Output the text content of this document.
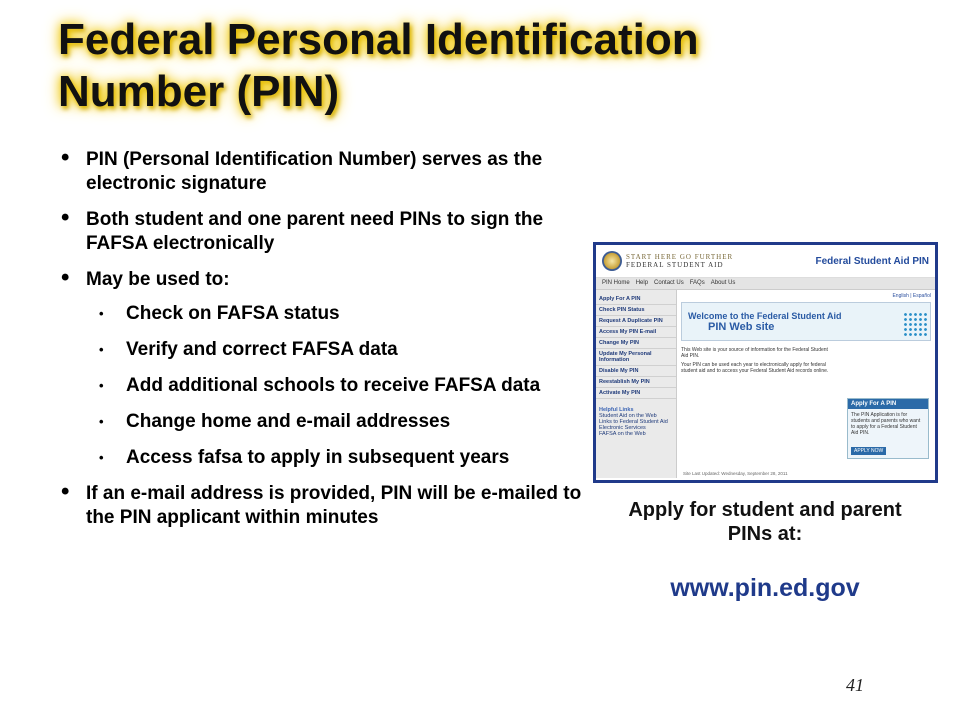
Federal Personal Identification
Number (PIN)
• PIN (Personal Identification Number) serves as the electronic signature
• Both student and one parent need PINs to sign the FAFSA electronically
• May be used to:
• Check on FAFSA status
• Verify and correct FAFSA data
• Add additional schools to receive FAFSA data
• Change home and e-mail addresses
• Access fafsa to apply in subsequent years
• If an e-mail address is provided, PIN will be e-mailed to the PIN applicant within minutes
START HERE GO FURTHER
FEDERAL STUDENT AID	Federal Student Aid PIN
PIN Home Help Contact Us FAQs About Us
Apply For A PIN
Check PIN Status
Request A Duplicate PIN
Access My PIN E-mail
Change My PIN
Update My Personal Information
Disable My PIN
Reestablish My PIN
Activate My PIN
Helpful Links
Student Aid on the Web
Links to Federal Student Aid Electronic Services
FAFSA on the Web
English | Español
Welcome to the Federal Student Aid
PIN Web site
This Web site is your source of information for the Federal Student Aid PIN.
Your PIN can be used each year to electronically apply for federal student aid and to access your Federal Student Aid records online.
Apply For A PIN
The PIN Application is for students and parents who want to apply for a Federal Student Aid PIN.
APPLY NOW
Site Last Updated: Wednesday, September 28, 2011
Apply for student and parent PINs at:
www.pin.ed.gov
41
